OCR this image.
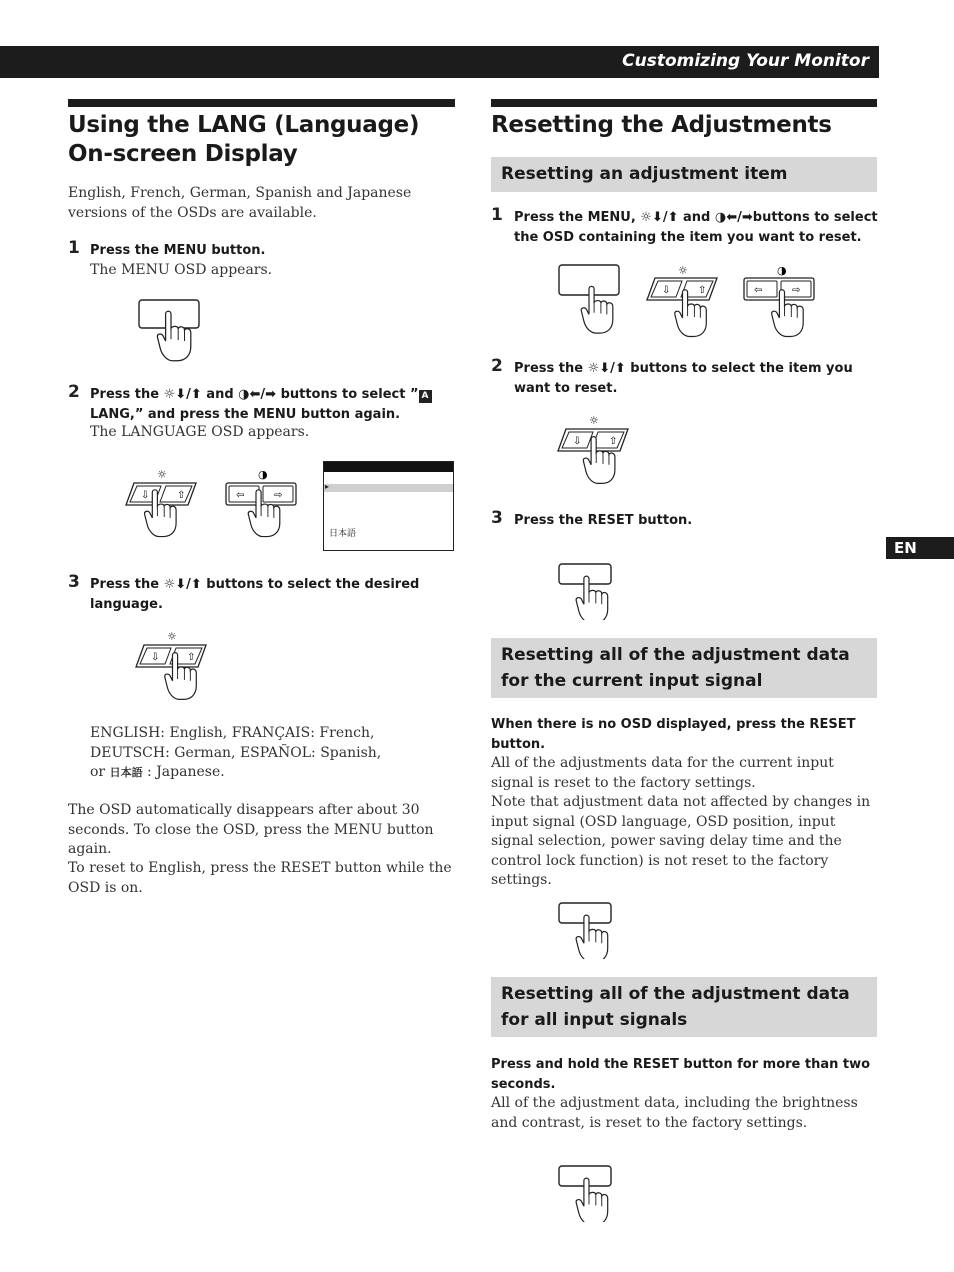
Customizing Your Monitor
EN
Using the LANG (Language) On-screen Display
English, French, German, Spanish and Japanese versions of the OSDs are available.
1 Press the MENU button.
The MENU OSD appears.
2 Press the ☼⬇/⬆ and ◑⬅/➡ buttons to select ” A LANG,” and press the MENU button again.
The LANGUAGE OSD appears.
☼
⇩	⇧
◑
⇦	⇨
▸
日本語
3 Press the ☼⬇/⬆ buttons to select the desired language.
☼
⇩	⇧
ENGLISH: English, FRANÇAIS: French,
DEUTSCH: German, ESPAÑOL: Spanish,
or 日本語 : Japanese.
The OSD automatically disappears after about 30 seconds. To close the OSD, press the MENU button again.
To reset to English, press the RESET button while the OSD is on.
Resetting the Adjustments
Resetting an adjustment item
1 Press the MENU, ☼⬇/⬆ and ◑⬅/➡buttons to select the OSD containing the item you want to reset.
☼
⇩	⇧
◑
⇦	⇨
2 Press the ☼⬇/⬆ buttons to select the item you want to reset.
☼
⇩	⇧
3 Press the RESET button.
Resetting all of the adjustment data for the current input signal
When there is no OSD displayed, press the RESET button.
All of the adjustments data for the current input signal is reset to the factory settings.
Note that adjustment data not affected by changes in input signal (OSD language, OSD position, input signal selection, power saving delay time and the control lock function) is not reset to the factory settings.
Resetting all of the adjustment data for all input signals
Press and hold the RESET button for more than two seconds.
All of the adjustment data, including the brightness and contrast, is reset to the factory settings.
